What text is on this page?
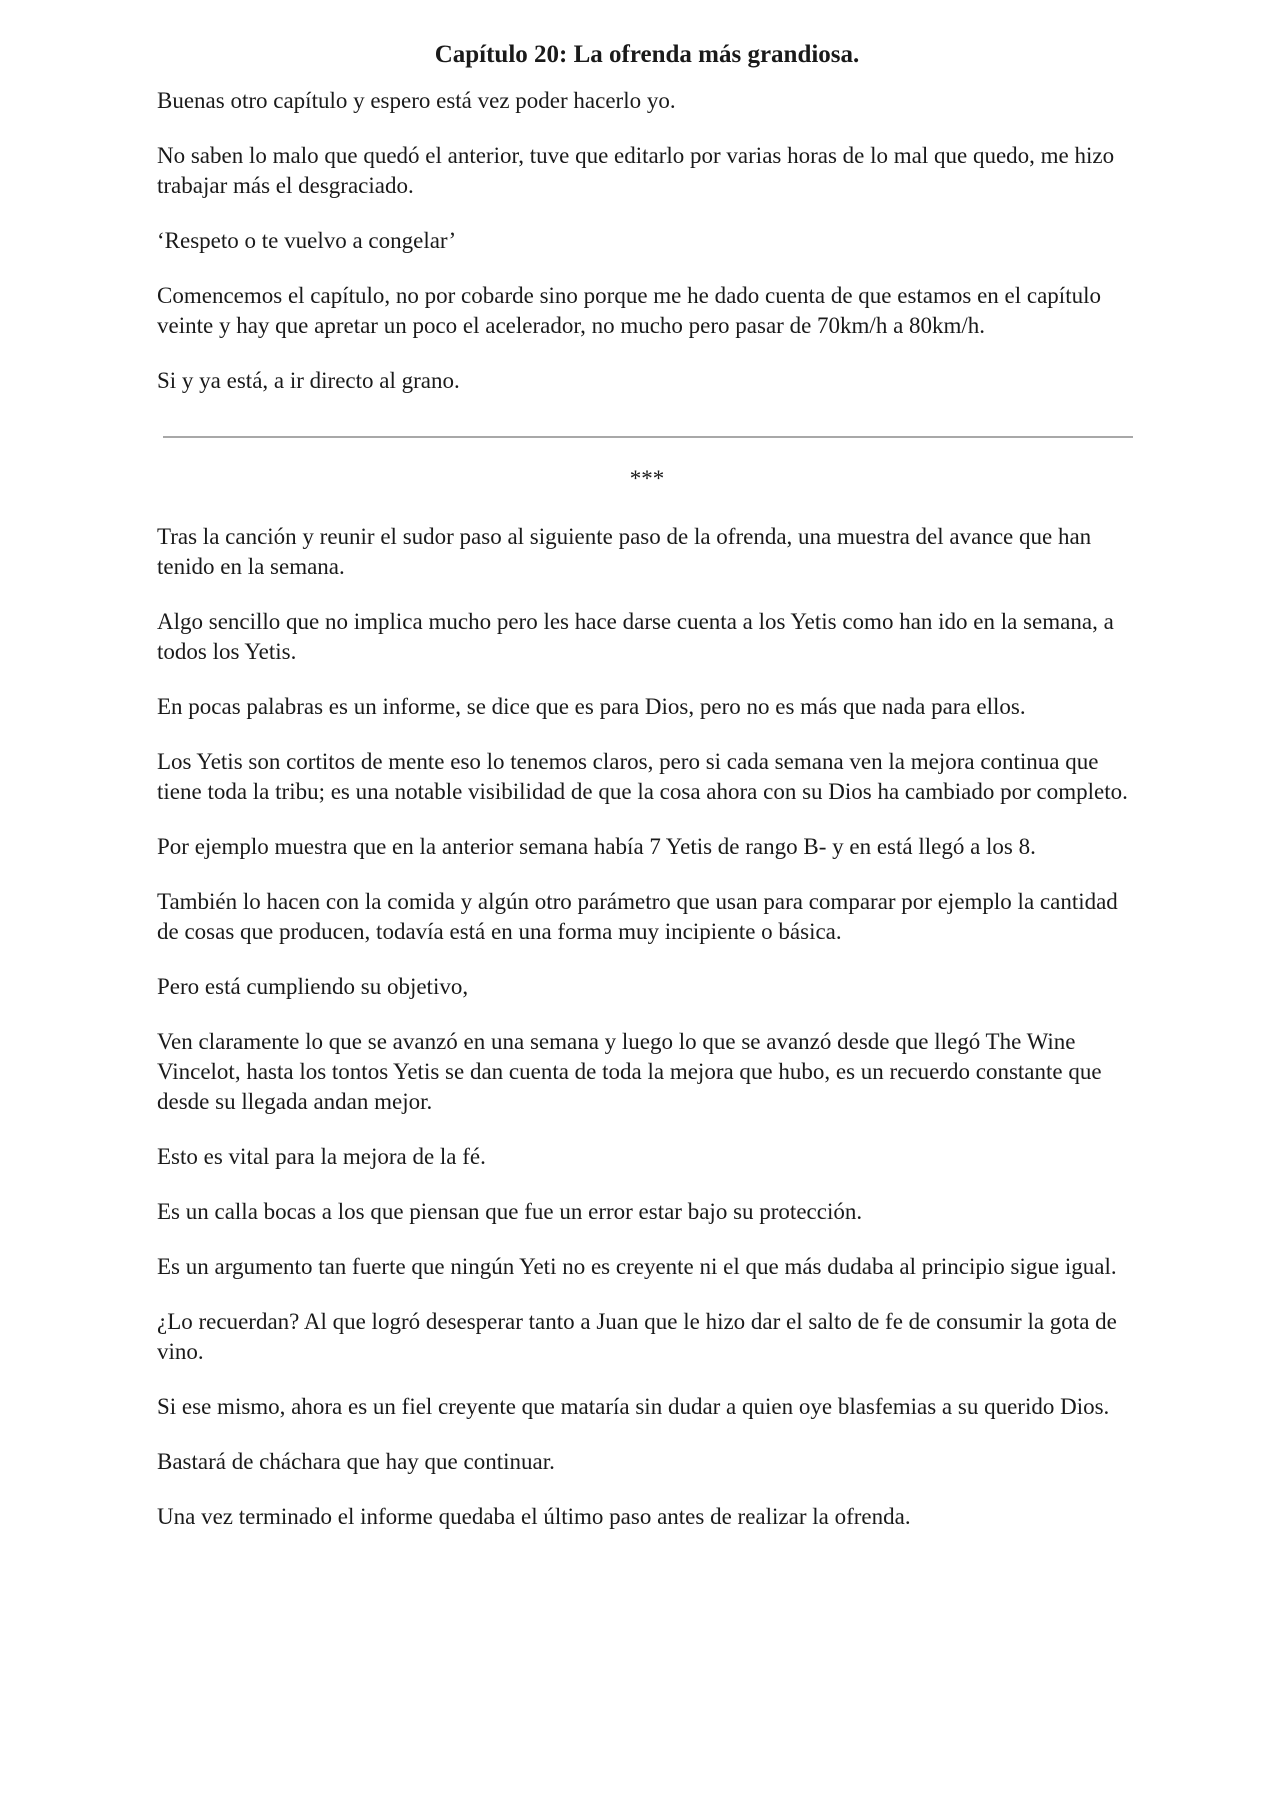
Capítulo 20: La ofrenda más grandiosa.

Buenas otro capítulo y espero está vez poder hacerlo yo.

No saben lo malo que quedó el anterior, tuve que editarlo por varias horas de lo mal que quedo, me hizo trabajar más el desgraciado.

‘Respeto o te vuelvo a congelar’

Comencemos el capítulo, no por cobarde sino porque me he dado cuenta de que estamos en el capítulo veinte y hay que apretar un poco el acelerador, no mucho pero pasar de 70km/h a 80km/h.

Si y ya está, a ir directo al grano.

***

Tras la canción y reunir el sudor paso al siguiente paso de la ofrenda, una muestra del avance que han tenido en la semana.

Algo sencillo que no implica mucho pero les hace darse cuenta a los Yetis como han ido en la semana, a todos los Yetis.

En pocas palabras es un informe, se dice que es para Dios, pero no es más que nada para ellos.

Los Yetis son cortitos de mente eso lo tenemos claros, pero si cada semana ven la mejora continua que tiene toda la tribu; es una notable visibilidad de que la cosa ahora con su Dios ha cambiado por completo.

Por ejemplo muestra que en la anterior semana había 7 Yetis de rango B- y en está llegó a los 8.

También lo hacen con la comida y algún otro parámetro que usan para comparar por ejemplo la cantidad de cosas que producen, todavía está en una forma muy incipiente o básica.

Pero está cumpliendo su objetivo,

Ven claramente lo que se avanzó en una semana y luego lo que se avanzó desde que llegó The Wine Vincelot, hasta los tontos Yetis se dan cuenta de toda la mejora que hubo, es un recuerdo constante que desde su llegada andan mejor.

Esto es vital para la mejora de la fé.

Es un calla bocas a los que piensan que fue un error estar bajo su protección.

Es un argumento tan fuerte que ningún Yeti no es creyente ni el que más dudaba al principio sigue igual.

¿Lo recuerdan? Al que logró desesperar tanto a Juan que le hizo dar el salto de fe de consumir la gota de vino.

Si ese mismo, ahora es un fiel creyente que mataría sin dudar a quien oye blasfemias a su querido Dios.

Bastará de cháchara que hay que continuar.

Una vez terminado el informe quedaba el último paso antes de realizar la ofrenda.
